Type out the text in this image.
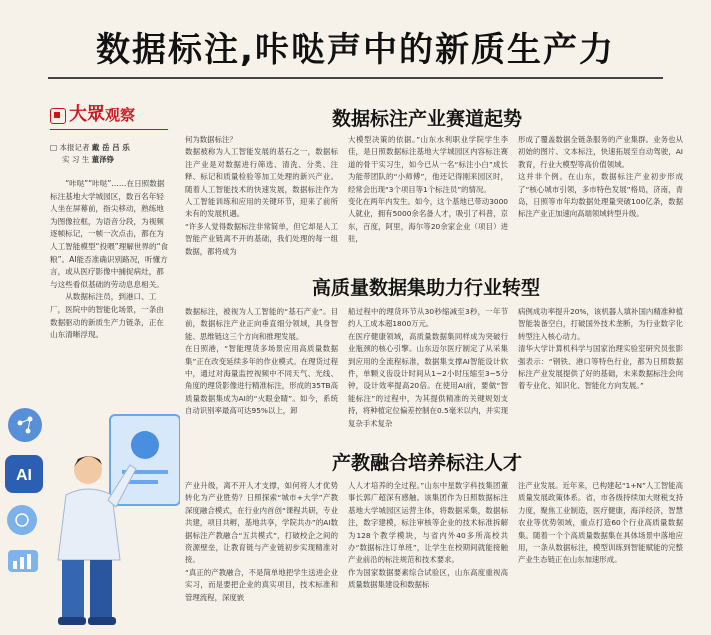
数据标注,咔哒声中的新质生产力
大眾观察
□ 本报记者 戴 岳 吕 乐
实 习 生 董泽铮

“咔哒”“咔哒”……在日照数据标注基地大学城园区，数百名年轻人坐在屏幕前，指尖移动，熟练地为图像拉框，为语音分段，为视频逐帧标记，一帧一次点击，都在为人工智能模型“投喂”理解世界的“食粮”。AI能否准确识别路况，听懂方言，或从医疗影像中捕捉病灶，都与这些看似基础的劳动息息相关。

从数据标注员，到港口、工厂，医院中的智能化场景，一条由数据驱动的新质生产力链条，正在山东清晰浮现。

数据标注产业赛道起势
何为数据标注？
数据被称为人工智能发展的基石之一，数据标注产业是对数据进行筛选、清洗、分类、注释、标记和质量检验等加工处理的新兴产业。随着人工智能技术的快速发展，数据标注作为人工智能训练和应用的关键环节，迎来了前所未有的发展机遇。
“许多人觉得数据标注非常简单，但它却是人工智能产业链离不开的基础，我们处理的每一组数据，都将成为
大模型决策的依据。”山东水利职业学院学生李佳，是日照数据标注基地大学城园区内容标注赛道的骨干实习生，如今已从一名“标注小白”成长为能带团队的“小师傅”，他还记得刚来园区时，经常会出现“3个项目等1个标注员”的情况。
变化在两年内发生。如今，这个基地已带动3000人就业，拥有5000余名备人才，吸引了科普，京东，百度，阿里，海尔等20余家企业（项目）进驻，
形成了覆盖数据全链条服务的产业集群。业务也从初始的图片、文本标注，快速拓展至自动驾驶，AI教育，行业大模型等高价值领域。
这并非个例。在山东，数据标注产业初步形成了“核心城市引领，多市特色发展”格局，济南，青岛，日照等市年均数据处理量突破100亿条，数据标注产业正加速向高端领域转型升级。
高质量数据集助力行业转型
数据标注，被视为人工智能的“基石产业”。目前，数据标注产业正向垂直细分领域，具身智能、思维链这三个方向和推理发展。
在日照港，“智能理货多场景应用高质量数据集”正在改变延续多年的作业模式。在理货过程中，通过对海量监控视频中不同天气、光线、角度的理货影像进行精准标注，形成的35TB高质量数据集成为AI的“火眼金睛”。如今，系统自动识别率最高可达95%以上，卸
船过程中的理货环节从30秒缩减至3秒，一年节约人工成本超1800万元。
在医疗健康领域，高质量数据集同样成为突破行业瓶颈的核心引擎。山东迈尔医疗制定了从采集到应用的全流程标准，数据集支撑AI智能设计软件，单颗义齿设计时间从1~2小时压缩至3~5分钟，设计效率提高20倍。在使用AI前，要做“智能标注”的过程中，为其提供精准的关键规划支持，将种植定位偏差控制在0.5毫米以内，并实现复杂手术复杂
病例成功率提升20%，该机器人填补国内精准种植智能装备空白，打破国外技术垄断，为行业数字化转型注入核心动力。
清华大学计算机科学与国家治理实验室研究员张影强表示：“钢铁、港口等特色行业，都为日照数据标注产业发展提供了好的基础，未来数据标注会向着专业化、知识化、智能化方向发展。”
产教融合培养标注人才
产业升级，离不开人才支撑，如何将人才优势转化为产业胜势？日照探索“城市+大学”产教深度融合模式，在行业内首创“课程共研，专业共建，项目共孵，基地共享，学院共办”的AI数据标注产教融合“五共模式”，打破校企之间的资源壁垒，让教育链与产业链初步实现精准对接。
“真正的产教融合，不是简单地把学生送进企业实习，而是要把企业的真实项目，技术标准和管理流程，深度嵌
人人才培养的全过程。”山东中星数字科技集团董事长郭广超深有感触。该集团作为日照数据标注基地大学城园区运营主体，将数据采集，数据标注，数字建模，标注审核等企业的技术标准拆解为128个教学模块，与省内外40多所高校共办“数据标注订单班”，让学生在校期间就能接触产业前沿的标注规范和技术要求。
作为国家数据要素综合试验区，山东高度重视高质量数据集建设和数据标
注产业发展。近年来，已构建起“1+N”人工智能高质量发展政策体系。省，市各级持续加大财税支持力度，聚焦工业制造，医疗健康，海洋经济，智慧农业等优势领域，重点打造60个行业高质量数据集。随着一个个高质量数据集在具体场景中落地应用，一条从数据标注，模型训练到智能赋能的完整产业生态链正在山东加速形成。
AI
